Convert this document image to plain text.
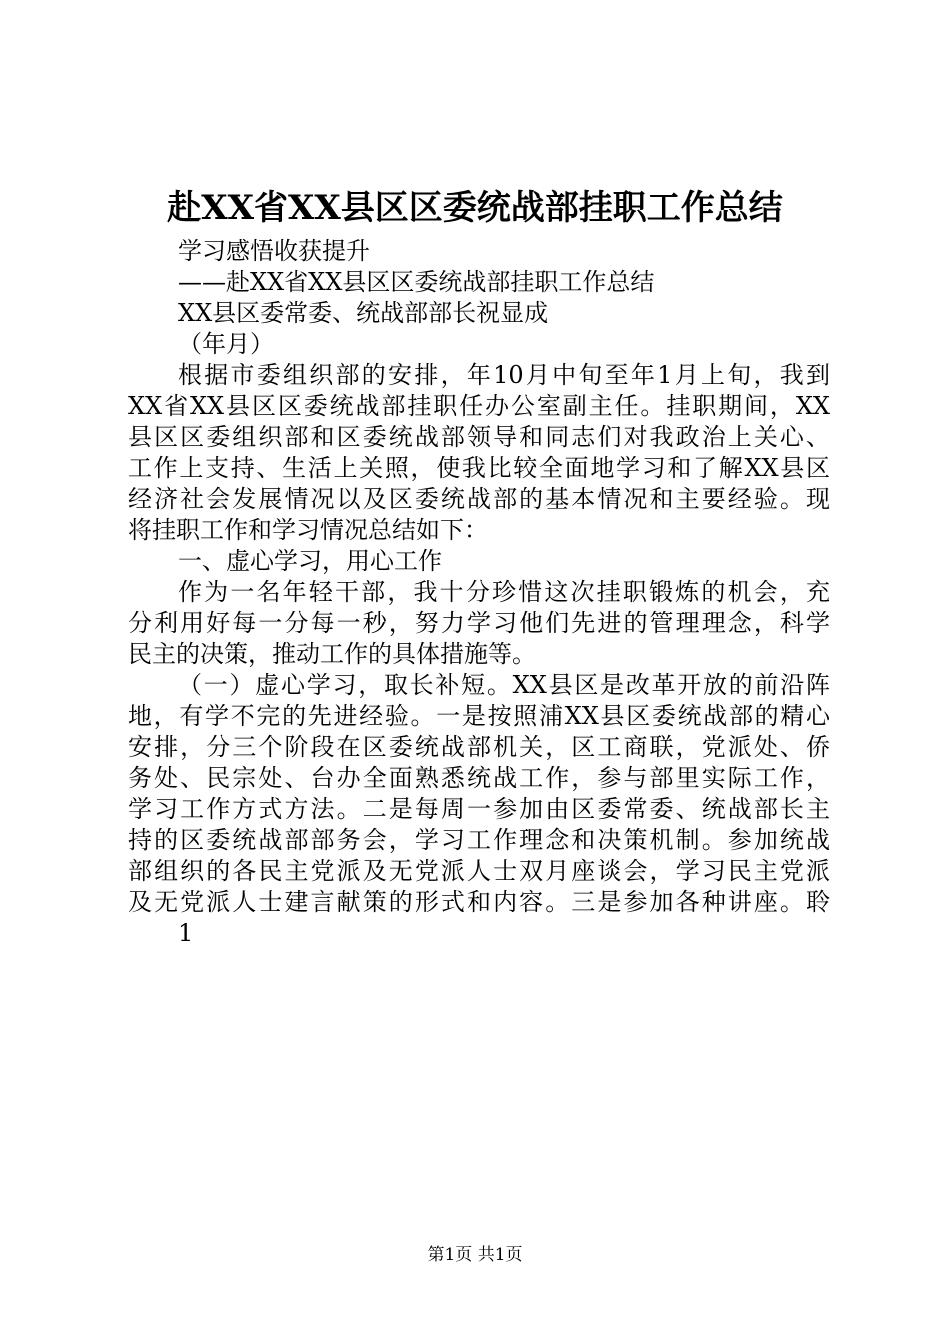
赴XX省XX县区区委统战部挂职工作总结
学习感悟收获提升
——赴XX省XX县区区委统战部挂职工作总结
XX县区委常委、统战部部长祝显成
（年月）
根据市委组织部的安排，年10月中旬至年1月上旬，我到
XX省XX县区区委统战部挂职任办公室副主任。挂职期间，XX
县区区委组织部和区委统战部领导和同志们对我政治上关心、
工作上支持、生活上关照，使我比较全面地学习和了解XX县区
经济社会发展情况以及区委统战部的基本情况和主要经验。现
将挂职工作和学习情况总结如下：
一、虚心学习，用心工作
作为一名年轻干部，我十分珍惜这次挂职锻炼的机会，充
分利用好每一分每一秒，努力学习他们先进的管理理念，科学
民主的决策，推动工作的具体措施等。
（一）虚心学习，取长补短。XX县区是改革开放的前沿阵
地，有学不完的先进经验。一是按照浦XX县区委统战部的精心
安排，分三个阶段在区委统战部机关，区工商联，党派处、侨
务处、民宗处、台办全面熟悉统战工作，参与部里实际工作，
学习工作方式方法。二是每周一参加由区委常委、统战部长主
持的区委统战部部务会，学习工作理念和决策机制。参加统战
部组织的各民主党派及无党派人士双月座谈会，学习民主党派
及无党派人士建言献策的形式和内容。三是参加各种讲座。聆
1
第1页 共1页
